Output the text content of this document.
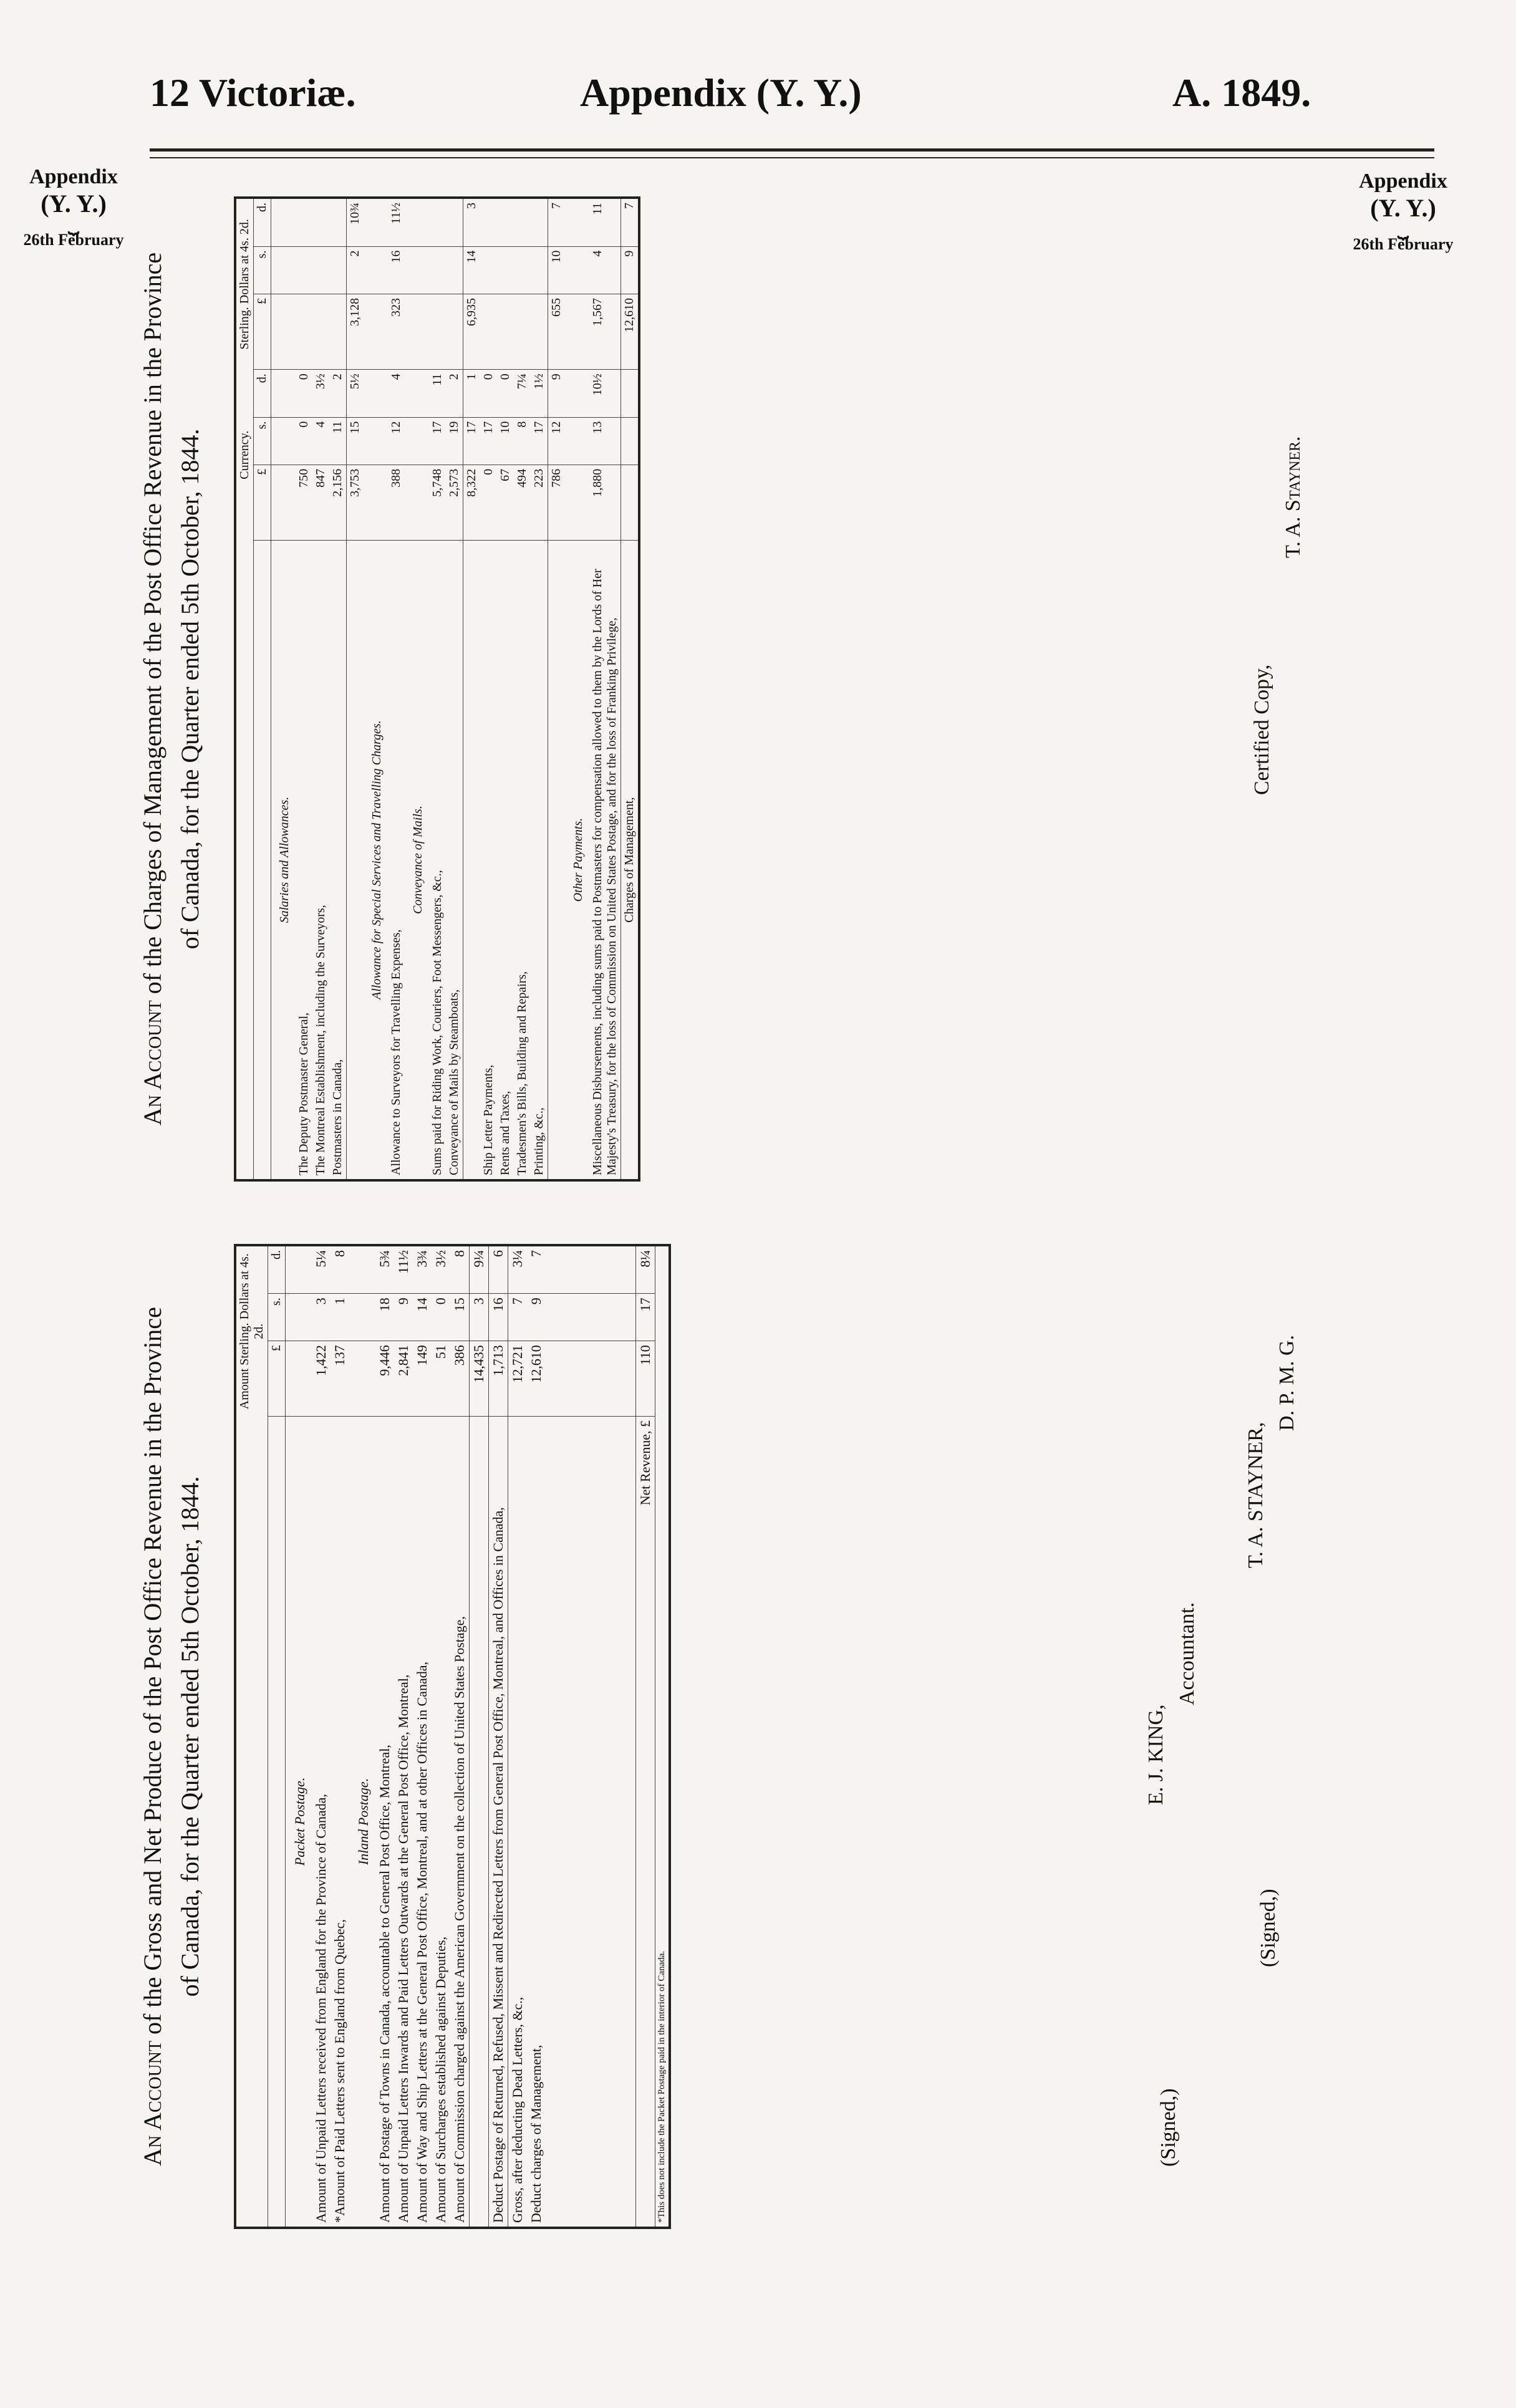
12 Victoriæ.	Appendix (Y. Y.)	A. 1849.
Appendix
(Y. Y.)
⏟
26th February
Appendix
(Y. Y.)
⏟
26th February
An Account of the Gross and Net Produce of the Post Office Revenue in the Province of Canada, for the Quarter ended 5th October, 1844.
	Amount Sterling. Dollars at 4s. 2d.		
	£	s.	d.
Packet Postage.			
Amount of Unpaid Letters received from England for the Province of Canada,	1,422	3	5¼
*Amount of Paid Letters sent to England from Quebec,	137	1	8
Inland Postage.			
Amount of Postage of Towns in Canada, accountable to General Post Office, Montreal,	9,446	18	5¾
Amount of Unpaid Letters Inwards and Paid Letters Outwards at the General Post Office, Montreal,	2,841	9	11½
Amount of Way and Ship Letters at the General Post Office, Montreal, and at other Offices in Canada,	149	14	3¾
Amount of Surcharges established against Deputies,	51	0	3½
Amount of Commission charged against the American Government on the collection of United States Postage,	386	15	8
	14,435	3	9¼
Deduct Postage of Returned, Refused, Missent and Redirected Letters from General Post Office, Montreal, and Offices in Canada,	1,713	16	6
Gross, after deducting Dead Letters, &c.,	12,721	7	3¼
Deduct charges of Management,	12,610	9	7

Net Revenue, £	110	17	8¼
*This does not include the Packet Postage paid in the interior of Canada.			
An Account of the Charges of Management of the Post Office Revenue in the Province of Canada, for the Quarter ended 5th October, 1844.
		Currency.			Sterling. Dollars at 4s. 2d.		
	£	s.	d.	£	s.	d.
Salaries and Allowances.						
The Deputy Postmaster General,	750	0	0			
The Montreal Establishment, including the Surveyors,	847	4	3½			
Postmasters in Canada,	2,156	11	2			
	3,753	15	5½	3,128	2	10¾
Allowance for Special Services and Travelling Charges.						
Allowance to Surveyors for Travelling Expenses,	388	12	4	323	16	11½
Conveyance of Mails.						
Sums paid for Riding Work, Couriers, Foot Messengers, &c.,	5,748	17	11			
Conveyance of Mails by Steamboats,	2,573	19	2			
	8,322	17	1	6,935	14	3
Ship Letter Payments,	0	17	0			
Rents and Taxes,	67	10	0			
Tradesmen's Bills, Building and Repairs,	494	8	7¼			
Printing, &c.,	223	17	1½			
	786	12	9	655	10	7
Other Payments.						
Miscellaneous Disbursements, including sums paid to Postmasters for compensation allowed to them by the Lords of Her Majesty's Treasury, for the loss of Commission on United States Postage, and for the loss of Franking Privilege,	1,880	13	10½	1,567	4	11
Charges of Management,				12,610	9	7
(Signed,)
E. J. KING,
Accountant.
(Signed,)
T. A. STAYNER,
D. P. M. G.
Certified Copy,
T. A. Stayner.
